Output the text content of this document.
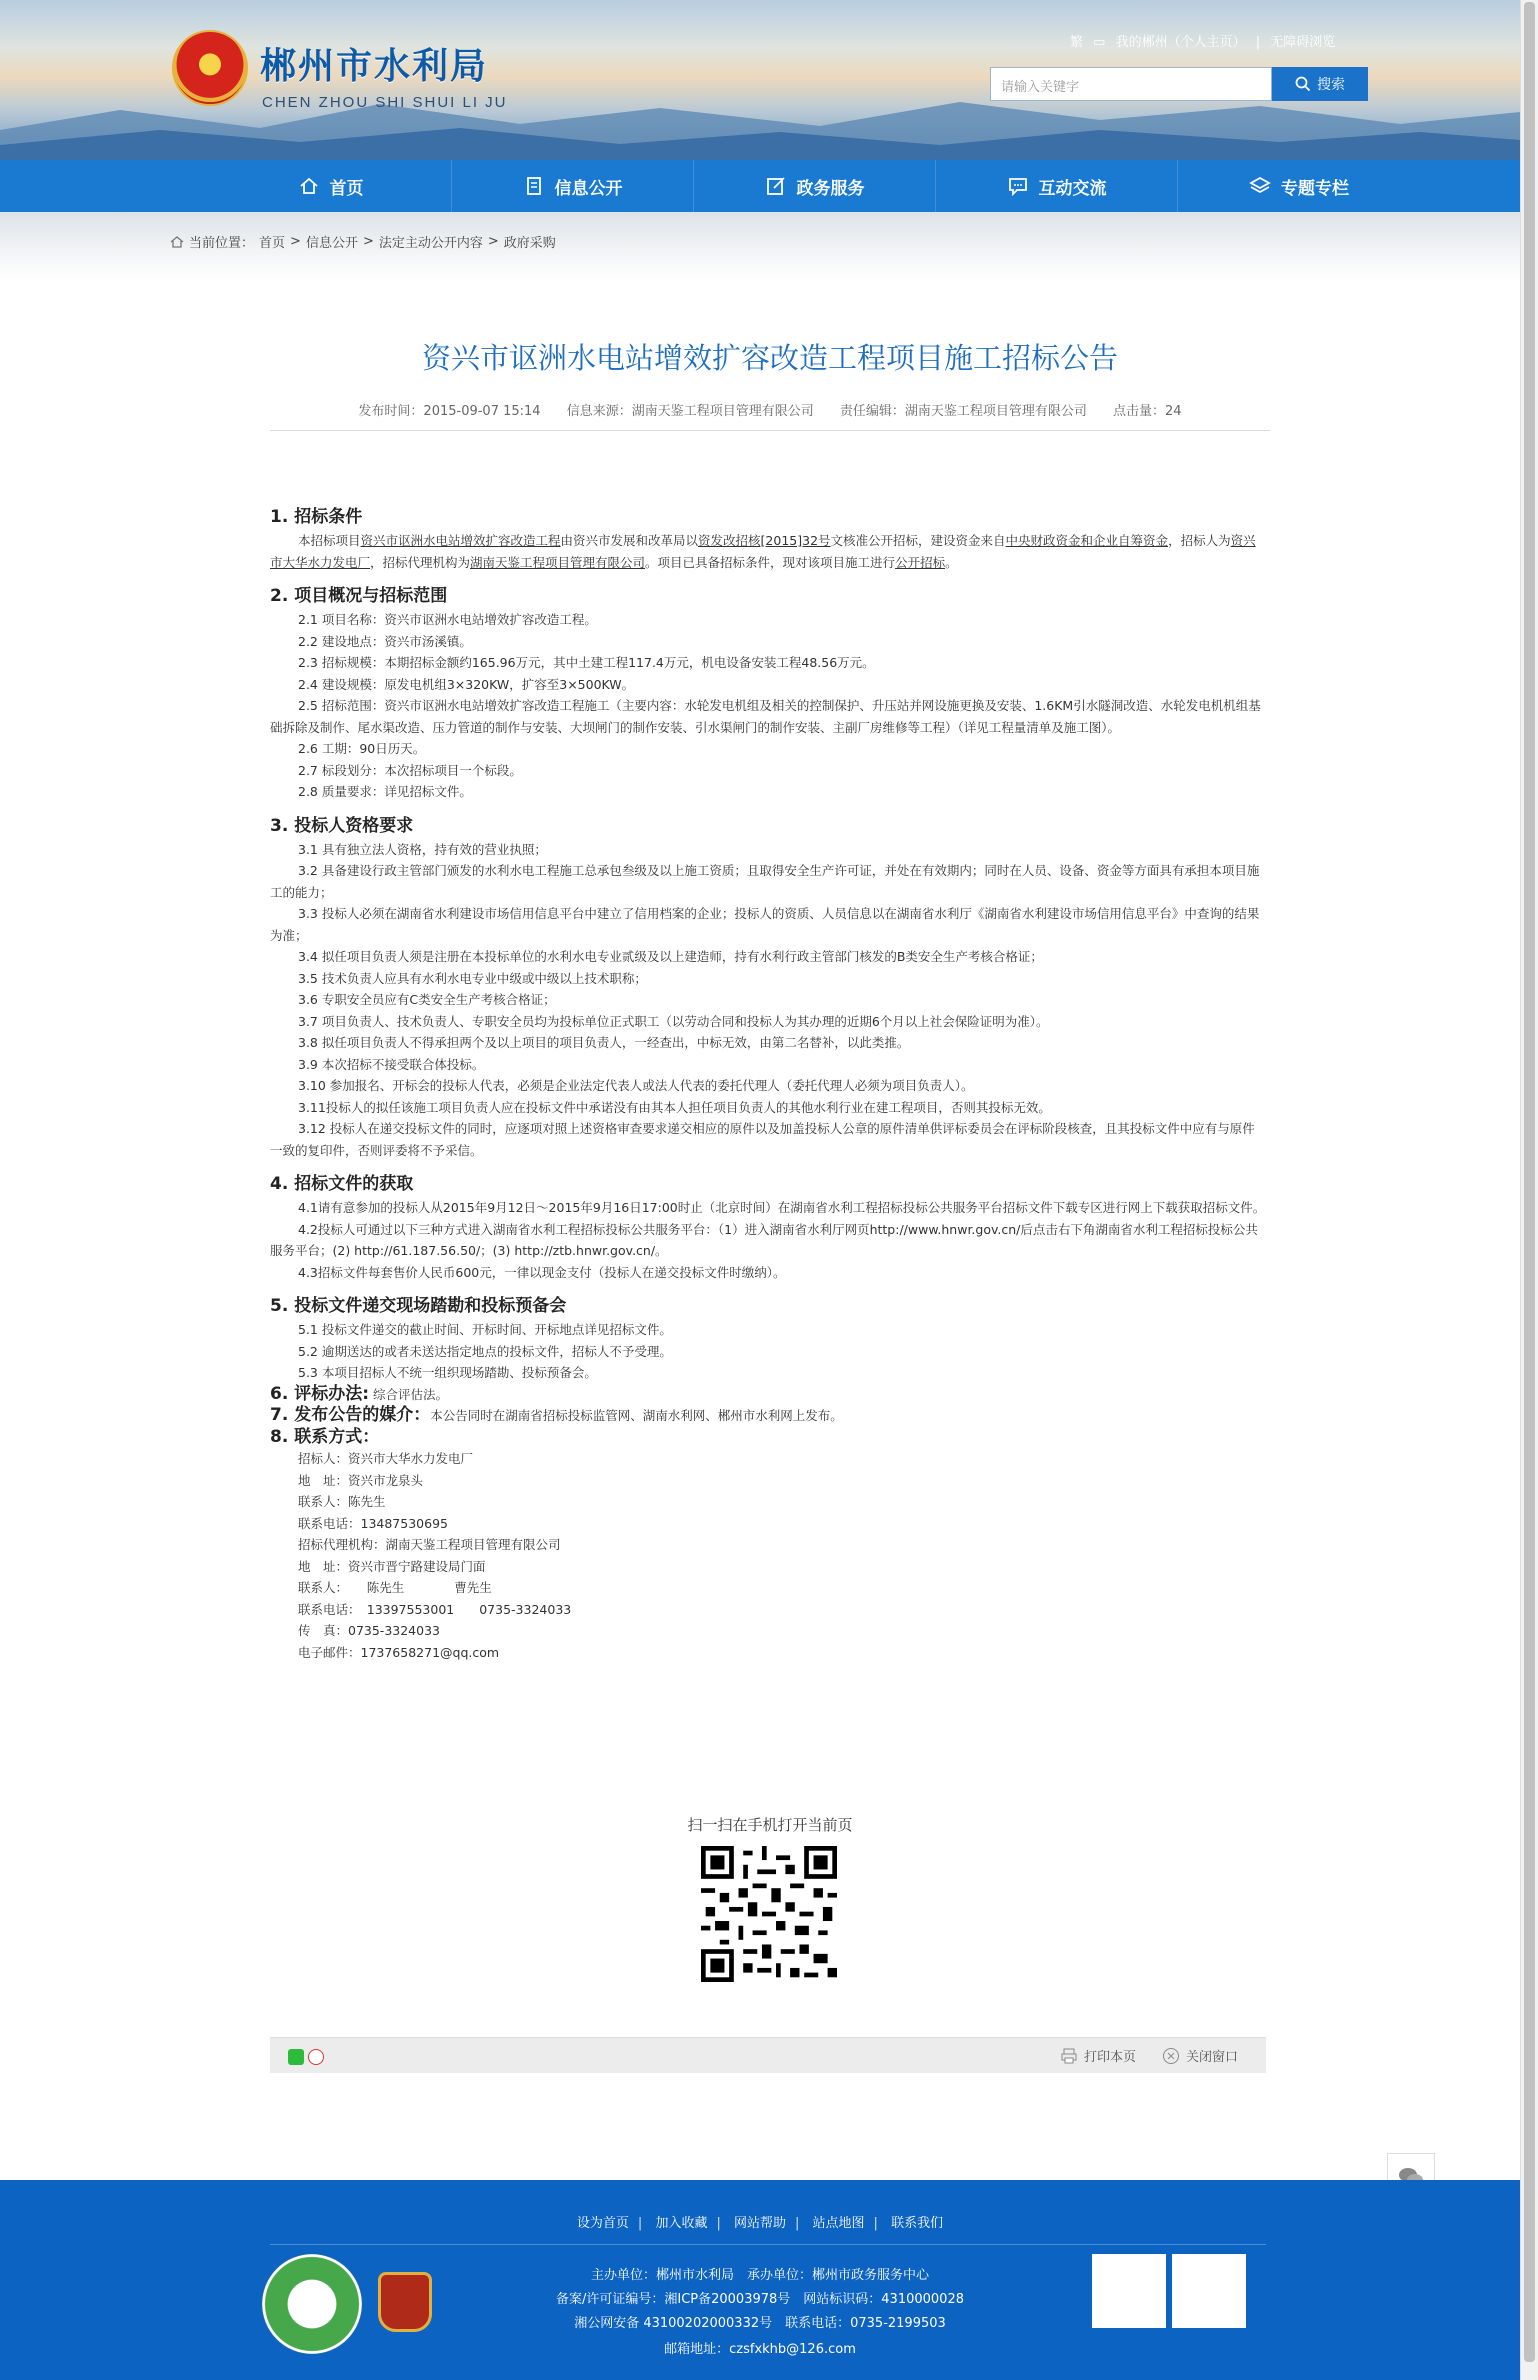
郴州市水利局
CHEN ZHOU SHI SHUI LI JU
繁 ▭ 我的郴州（个人主页） | 无障碍浏览
请输入关键字	搜索
首页	信息公开	政务服务	互动交流	专题专栏
当前位置： 首页 > 信息公开 > 法定主动公开内容 > 政府采购
资兴市讴洲水电站增效扩容改造工程项目施工招标公告
发布时间：2015-09-07 15:14 信息来源：湖南天鉴工程项目管理有限公司 责任编辑：湖南天鉴工程项目管理有限公司 点击量：24
1. 招标条件

本招标项目资兴市讴洲水电站增效扩容改造工程由资兴市发展和改革局以资发改招核[2015]32号文核准公开招标，建设资金来自中央财政资金和企业自筹资金，招标人为资兴市大华水力发电厂，招标代理机构为湖南天鉴工程项目管理有限公司。项目已具备招标条件，现对该项目施工进行公开招标。

2. 项目概况与招标范围

2.1 项目名称：资兴市讴洲水电站增效扩容改造工程。

2.2 建设地点：资兴市汤溪镇。

2.3 招标规模：本期招标金额约165.96万元，其中土建工程117.4万元，机电设备安装工程48.56万元。

2.4 建设规模：原发电机组3×320KW，扩容至3×500KW。

2.5 招标范围：资兴市讴洲水电站增效扩容改造工程施工（主要内容：水轮发电机组及相关的控制保护、升压站并网设施更换及安装、1.6KM引水隧洞改造、水轮发电机机组基础拆除及制作、尾水渠改造、压力管道的制作与安装、大坝闸门的制作安装、引水渠闸门的制作安装、主副厂房维修等工程）（详见工程量清单及施工图）。

2.6 工期：90日历天。

2.7 标段划分：本次招标项目一个标段。

2.8 质量要求：详见招标文件。

3. 投标人资格要求

3.1 具有独立法人资格，持有效的营业执照；

3.2 具备建设行政主管部门颁发的水利水电工程施工总承包叁级及以上施工资质；且取得安全生产许可证，并处在有效期内；同时在人员、设备、资金等方面具有承担本项目施工的能力；

3.3 投标人必须在湖南省水利建设市场信用信息平台中建立了信用档案的企业；投标人的资质、人员信息以在湖南省水利厅《湖南省水利建设市场信用信息平台》中查询的结果为准；

3.4 拟任项目负责人须是注册在本投标单位的水利水电专业贰级及以上建造师，持有水利行政主管部门核发的B类安全生产考核合格证；

3.5 技术负责人应具有水利水电专业中级或中级以上技术职称；

3.6 专职安全员应有C类安全生产考核合格证；

3.7 项目负责人、技术负责人、专职安全员均为投标单位正式职工（以劳动合同和投标人为其办理的近期6个月以上社会保险证明为准）。

3.8 拟任项目负责人不得承担两个及以上项目的项目负责人，一经查出，中标无效，由第二名替补，以此类推。

3.9 本次招标不接受联合体投标。

3.10 参加报名、开标会的投标人代表，必须是企业法定代表人或法人代表的委托代理人（委托代理人必须为项目负责人）。

3.11投标人的拟任该施工项目负责人应在投标文件中承诺没有由其本人担任项目负责人的其他水利行业在建工程项目，否则其投标无效。

3.12 投标人在递交投标文件的同时，应逐项对照上述资格审查要求递交相应的原件以及加盖投标人公章的原件清单供评标委员会在评标阶段核查，且其投标文件中应有与原件一致的复印件，否则评委将不予采信。

4. 招标文件的获取

4.1请有意参加的投标人从2015年9月12日～2015年9月16日17:00时止（北京时间）在湖南省水利工程招标投标公共服务平台招标文件下载专区进行网上下载获取招标文件。

4.2投标人可通过以下三种方式进入湖南省水利工程招标投标公共服务平台：（1）进入湖南省水利厅网页http://www.hnwr.gov.cn/后点击右下角湖南省水利工程招标投标公共服务平台；(2) http://61.187.56.50/；(3) http://ztb.hnwr.gov.cn/。

4.3招标文件每套售价人民币600元，一律以现金支付（投标人在递交投标文件时缴纳）。

5. 投标文件递交现场踏勘和投标预备会

5.1 投标文件递交的截止时间、开标时间、开标地点详见招标文件。

5.2 逾期送达的或者未送达指定地点的投标文件，招标人不予受理。

5.3 本项目招标人不统一组织现场踏勘、投标预备会。

6. 评标办法: 综合评估法。
7. 发布公告的媒介：本公告同时在湖南省招标投标监管网、湖南水利网、郴州市水利网上发布。
8. 联系方式：

招标人：资兴市大华水力发电厂

地　址：资兴市龙泉头

联系人：陈先生

联系电话：13487530695

招标代理机构：湖南天鉴工程项目管理有限公司

地　址：资兴市晋宁路建设局门面

联系人：　　陈先生　　　　曹先生

联系电话：　13397553001　　0735-3324033

传　真：0735-3324033

电子邮件：1737658271@qq.com

扫一扫在手机打开当前页
打印本页	关闭窗口
设为首页 | 加入收藏 | 网站帮助 | 站点地图 | 联系我们
主办单位：郴州市水利局　承办单位：郴州市政务服务中心
备案/许可证编号：湘ICP备20003978号　网站标识码：4310000028
湘公网安备 43100202000332号　联系电话：0735-2199503
邮箱地址：czsfxkhb@126.com
